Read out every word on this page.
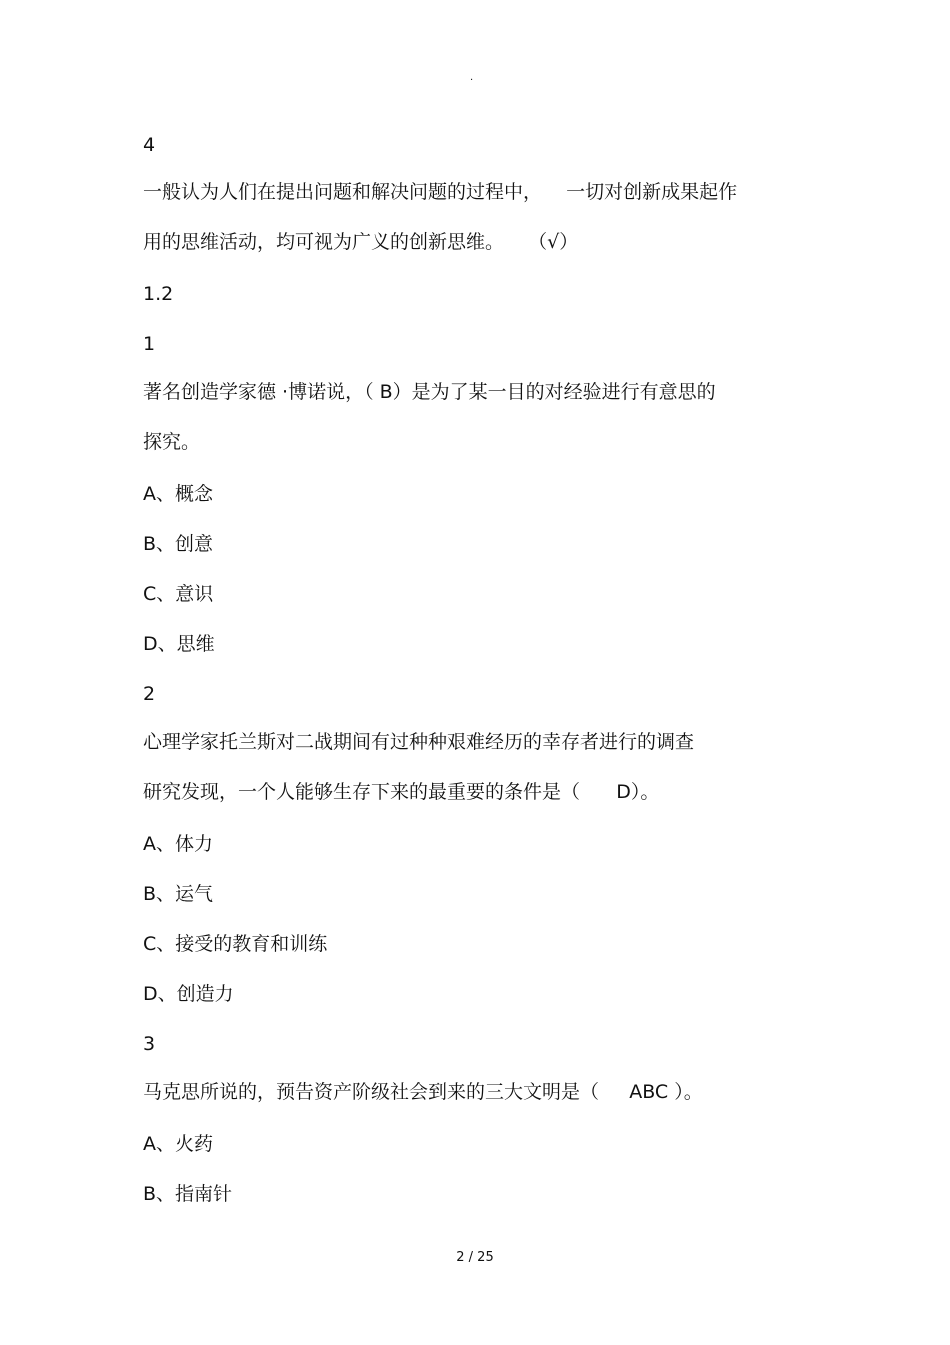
.
4
一般认为人们在提出问题和解决问题的过程中，    一切对创新成果起作
用的思维活动，均可视为广义的创新思维。    （√）
1.2
1
著名创造学家德 ·博诺说，（ B）是为了某一目的对经验进行有意思的
探究。
A、概念
B、创意
C、意识
D、思维
2
心理学家托兰斯对二战期间有过种种艰难经历的幸存者进行的调查
研究发现，一个人能够生存下来的最重要的条件是（      D）。
A、体力
B、运气
C、接受的教育和训练
D、创造力
3
马克思所说的，预告资产阶级社会到来的三大文明是（     ABC ）。
A、火药
B、指南针
2 / 25
